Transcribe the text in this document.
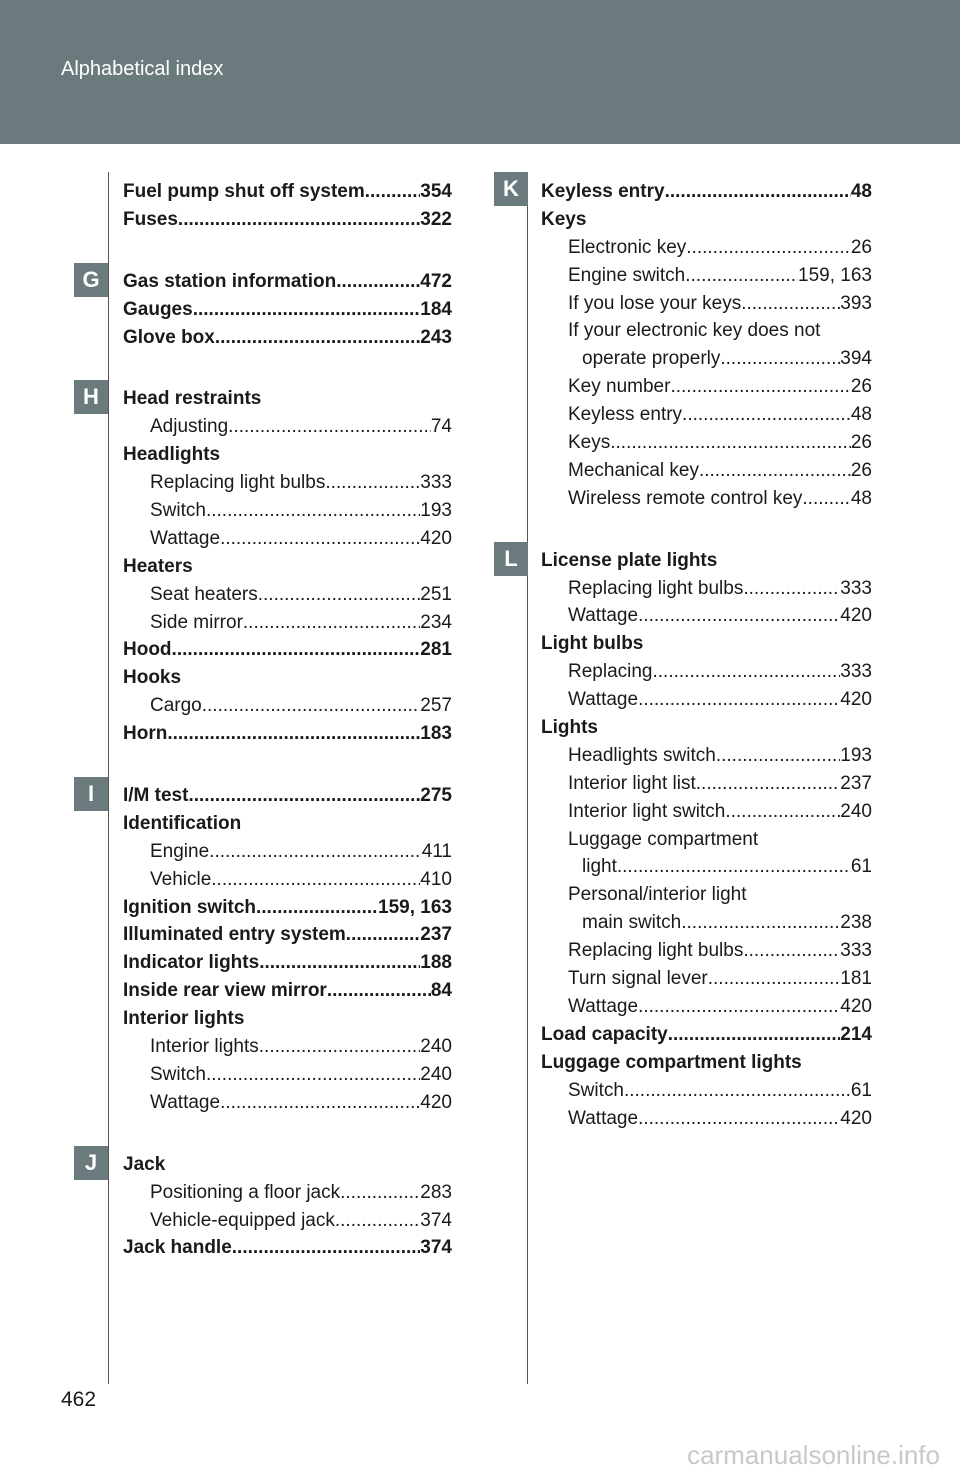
Alphabetical index
G
H
I
J
K
L
Fuel pump shut off system .....	354
Fuses .....	322
Gas station information .....	472
Gauges .....	184
Glove box .....	243
Head restraints
Adjusting .....	74
Headlights
Replacing light bulbs .....	333
Switch .....	193
Wattage .....	420
Heaters
Seat heaters .....	251
Side mirror .....	234
Hood .....	281
Hooks
Cargo .....	257
Horn .....	183
I/M test .....	275
Identification
Engine .....	411
Vehicle .....	410
Ignition switch .....	159, 163
Illuminated entry system .....	237
Indicator lights .....	188
Inside rear view mirror .....	84
Interior lights
Interior lights .....	240
Switch .....	240
Wattage .....	420
Jack
Positioning a floor jack .....	283
Vehicle-equipped jack .....	374
Jack handle .....	374
Keyless entry .....	48
Keys
Electronic key .....	26
Engine switch .....	159, 163
If you lose your keys .....	393
If your electronic key does not
operate properly .....	394
Key number .....	26
Keyless entry .....	48
Keys .....	26
Mechanical key .....	26
Wireless remote control key .....	48
License plate lights
Replacing light bulbs .....	333
Wattage .....	420
Light bulbs
Replacing .....	333
Wattage .....	420
Lights
Headlights switch .....	193
Interior light list .....	237
Interior light switch .....	240
Luggage compartment
light .....	61
Personal/interior light
main switch .....	238
Replacing light bulbs .....	333
Turn signal lever .....	181
Wattage .....	420
Load capacity .....	214
Luggage compartment lights
Switch .....	61
Wattage .....	420
462
carmanualsonline.info
